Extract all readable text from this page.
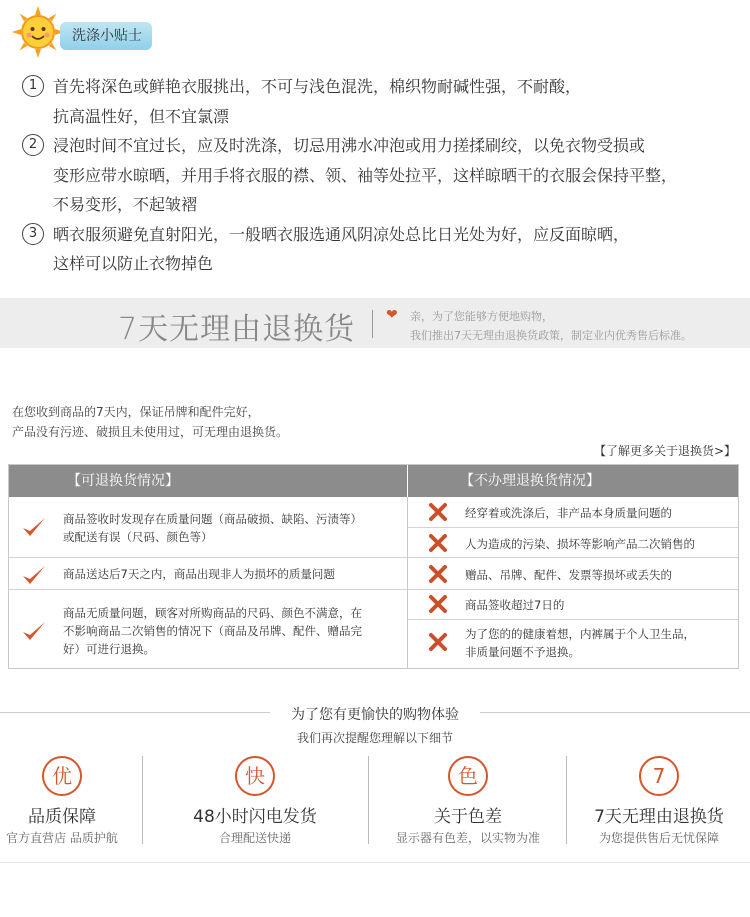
洗涤小贴士
1 首先将深色或鲜艳衣服挑出，不可与浅色混洗，棉织物耐碱性强，不耐酸，
抗高温性好，但不宜氯漂
2 浸泡时间不宜过长，应及时洗涤，切忌用沸水冲泡或用力搓揉刷绞，以免衣物受损或
变形应带水晾晒，并用手将衣服的襟、领、袖等处拉平，这样晾晒干的衣服会保持平整，
不易变形，不起皱褶
3 晒衣服须避免直射阳光，一般晒衣服选通风阴凉处总比日光处为好，应反面晾晒，
这样可以防止衣物掉色
7天无理由退换货 ❤ 亲，为了您能够方便地购物，
我们推出7天无理由退换货政策，制定业内优秀售后标准。
在您收到商品的7天内，保证吊牌和配件完好，
产品没有污迹、破损且未使用过，可无理由退换货。
【了解更多关于退换货>】
【可退换货情况】	【不办理退换货情况】
商品签收时发现存在质量问题（商品破损、缺陷、污渍等）
或配送有误（尺码、颜色等）
商品送达后7天之内，商品出现非人为损坏的质量问题
商品无质量问题，顾客对所购商品的尺码、颜色不满意，在
不影响商品二次销售的情况下（商品及吊牌、配件、赠品完
好）可进行退换。
经穿着或洗涤后，非产品本身质量问题的
人为造成的污染、损坏等影响产品二次销售的
赠品、吊牌、配件、发票等损坏或丢失的
商品签收超过7日的
为了您的的健康着想，内裤属于个人卫生品，
非质量问题不予退换。
为了您有更愉快的购物体验
我们再次提醒您理解以下细节
优
品质保障
官方直营店 品质护航
快
48小时闪电发货
合理配送快递
色
关于色差
显示器有色差，以实物为准
7
7天无理由退换货
为您提供售后无忧保障
